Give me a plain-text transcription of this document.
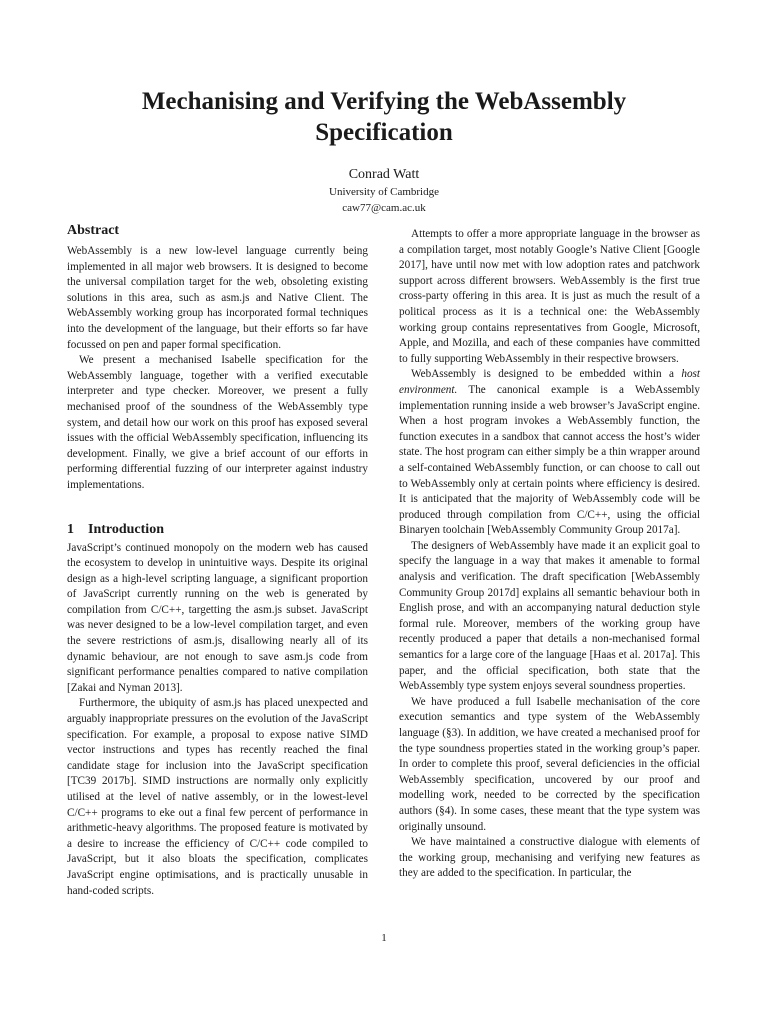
Mechanising and Verifying the WebAssembly
Specification
Conrad Watt
University of Cambridge
caw77@cam.ac.uk
Abstract

WebAssembly is a new low-level language currently being implemented in all major web browsers. It is designed to become the universal compilation target for the web, obsoleting existing solutions in this area, such as asm.js and Native Client. The WebAssembly working group has incorporated formal techniques into the development of the language, but their efforts so far have focussed on pen and paper formal specification.

We present a mechanised Isabelle specification for the WebAssembly language, together with a verified executable interpreter and type checker. Moreover, we present a fully mechanised proof of the soundness of the WebAssembly type system, and detail how our work on this proof has exposed several issues with the official WebAssembly specification, influencing its development. Finally, we give a brief account of our efforts in performing differential fuzzing of our interpreter against industry implementations.

1 Introduction

JavaScript’s continued monopoly on the modern web has caused the ecosystem to develop in unintuitive ways. Despite its original design as a high-level scripting language, a significant proportion of JavaScript currently running on the web is generated by compilation from C/C++, targetting the asm.js subset. JavaScript was never designed to be a low-level compilation target, and even the severe restrictions of asm.js, disallowing nearly all of its dynamic behaviour, are not enough to save asm.js code from significant performance penalties compared to native compilation [Zakai and Nyman 2013].

Furthermore, the ubiquity of asm.js has placed unexpected and arguably inappropriate pressures on the evolution of the JavaScript specification. For example, a proposal to expose native SIMD vector instructions and types has recently reached the final candidate stage for inclusion into the JavaScript specification [TC39 2017b]. SIMD instructions are normally only explicitly utilised at the level of native assembly, or in the lowest-level C/C++ programs to eke out a final few percent of performance in arithmetic-heavy algorithms. The proposed feature is motivated by a desire to increase the efficiency of C/C++ code compiled to JavaScript, but it also bloats the specification, complicates JavaScript engine optimisations, and is practically unusable in hand-coded scripts.

Attempts to offer a more appropriate language in the browser as a compilation target, most notably Google’s Native Client [Google 2017], have until now met with low adoption rates and patchwork support across different browsers. WebAssembly is the first true cross-party offering in this area. It is just as much the result of a political process as it is a technical one: the WebAssembly working group contains representatives from Google, Microsoft, Apple, and Mozilla, and each of these companies have committed to fully supporting WebAssembly in their respective browsers.

WebAssembly is designed to be embedded within a host environment. The canonical example is a WebAssembly implementation running inside a web browser’s JavaScript engine. When a host program invokes a WebAssembly function, the function executes in a sandbox that cannot access the host’s wider state. The host program can either simply be a thin wrapper around a self-contained WebAssembly function, or can choose to call out to WebAssembly only at certain points where efficiency is desired. It is anticipated that the majority of WebAssembly code will be produced through compilation from C/C++, using the official Binaryen toolchain [WebAssembly Community Group 2017a].

The designers of WebAssembly have made it an explicit goal to specify the language in a way that makes it amenable to formal analysis and verification. The draft specification [WebAssembly Community Group 2017d] explains all semantic behaviour both in English prose, and with an accompanying natural deduction style formal rule. Moreover, members of the working group have recently produced a paper that details a non-mechanised formal semantics for a large core of the language [Haas et al. 2017a]. This paper, and the official specification, both state that the WebAssembly type system enjoys several soundness properties.

We have produced a full Isabelle mechanisation of the core execution semantics and type system of the WebAssembly language (§3). In addition, we have created a mechanised proof for the type soundness properties stated in the working group’s paper. In order to complete this proof, several deficiencies in the official WebAssembly specification, uncovered by our proof and modelling work, needed to be corrected by the specification authors (§4). In some cases, these meant that the type system was originally unsound.

We have maintained a constructive dialogue with elements of the working group, mechanising and verifying new features as they are added to the specification. In particular, the

1
